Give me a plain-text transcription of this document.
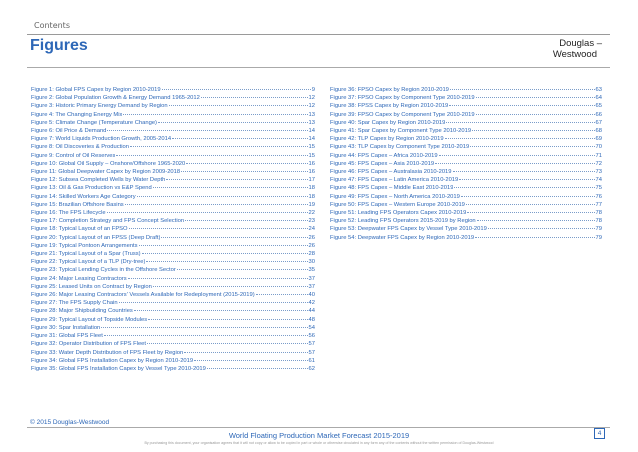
Contents
Figures	Douglas –
Westwood
Figure 1: Global FPS Capex by Region 2010-2019	9
Figure 2: Global Population Growth & Energy Demand 1965-2012	12
Figure 3: Historic Primary Energy Demand by Region	12
Figure 4: The Changing Energy Mix	13
Figure 5: Climate Change (Temperature Change)	13
Figure 6: Oil Price & Demand	14
Figure 7: World Liquids Production Growth, 2005-2014	14
Figure 8: Oil Discoveries & Production	15
Figure 9: Control of Oil Reserves	15
Figure 10: Global Oil Supply – Onshore/Offshore 1965-2020	16
Figure 11: Global Deepwater Capex by Region 2009-2018	16
Figure 12: Subsea Completed Wells by Water Depth	17
Figure 13: Oil & Gas Production vs E&P Spend	18
Figure 14: Skilled Workers Age Category	18
Figure 15: Brazilian Offshore Basins	19
Figure 16: The FPS Lifecycle	22
Figure 17: Completion Strategy and FPS Concept Selection	23
Figure 18: Typical Layout of an FPSO	24
Figure 20: Typical Layout of an FPSS (Deep Draft)	26
Figure 19: Typical Pontoon Arrangements	26
Figure 21: Typical Layout of a Spar (Truss)	28
Figure 22: Typical Layout of a TLP (Dry-tree)	30
Figure 23: Typical Lending Cycles in the Offshore Sector	35
Figure 24: Major Leasing Contractors	37
Figure 25: Leased Units on Contract by Region	37
Figure 26: Major Leasing Contractors' Vessels Available for Redeployment (2015-2019)	40
Figure 27: The FPS Supply Chain	42
Figure 28: Major Shipbuilding Countries	44
Figure 29: Typical Layout of Topside Modules	48
Figure 30: Spar Installation	54
Figure 31: Global FPS Fleet	56
Figure 32: Operator Distribution of FPS Fleet	57
Figure 33: Water Depth Distribution of FPS Fleet by Region	57
Figure 34: Global FPS Installation Capex by Region 2010-2019	61
Figure 35: Global FPS Installation Capex by Vessel Type 2010-2019	62
Figure 36: FPSO Capex by Region 2010-2019	63
Figure 37: FPSO Capex by Component Type 2010-2019	64
Figure 38: FPSS Capex by Region 2010-2019	65
Figure 39: FPSO Capex by Component Type 2010-2019	66
Figure 40: Spar Capex by Region 2010-2019	67
Figure 41: Spar Capex by Component Type 2010-2019	68
Figure 42: TLP Capex by Region 2010-2019	69
Figure 43: TLP Capex by Component Type 2010-2019	70
Figure 44: FPS Capex – Africa 2010-2019	71
Figure 45: FPS Capex – Asia 2010-2019	72
Figure 46: FPS Capex – Australasia 2010-2019	73
Figure 47: FPS Capex – Latin America 2010-2019	74
Figure 48: FPS Capex – Middle East 2010-2019	75
Figure 49: FPS Capex – North America 2010-2019	76
Figure 50: FPS Capex – Western Europe 2010-2019	77
Figure 51: Leading FPS Operators Capex 2010-2019	78
Figure 52: Leading FPS Operators 2015-2019 by Region	78
Figure 53: Deepwater FPS Capex by Vessel Type 2010-2019	79
Figure 54: Deepwater FPS Capex by Region 2010-2019	79
© 2015 Douglas-Westwood
World Floating Production Market Forecast 2015-2019
By purchasing this document, your organisation agrees that it will not copy or allow to be copied in part or whole or otherwise circulated in any form any of the contents without the written permission of Douglas-Westwood
4
